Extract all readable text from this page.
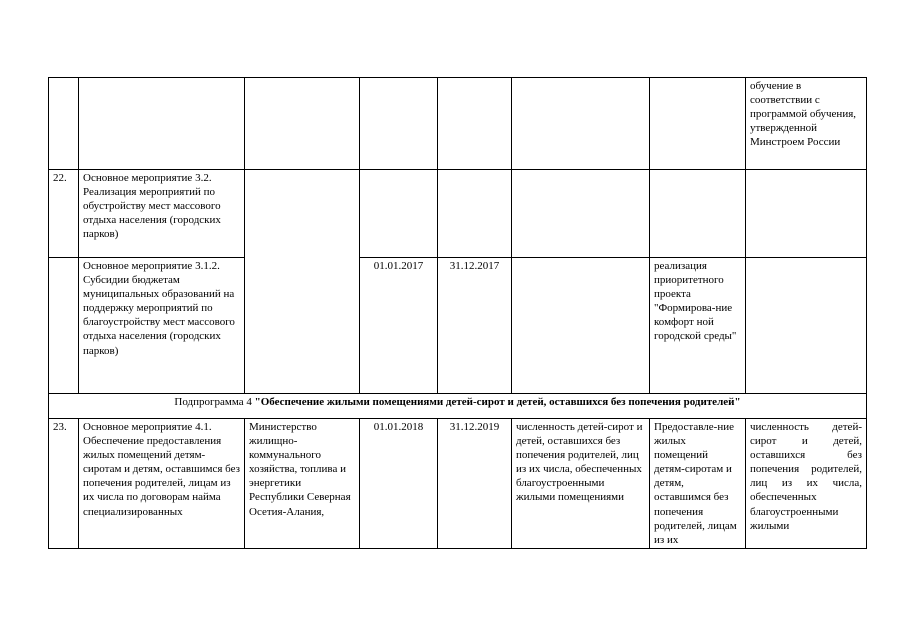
							обучение в соответствии с программой обучения, утвержденной Минстроем России
22.	Основное мероприятие 3.2. Реализация мероприятий по обустройству мест массового отдыха населения (городских парков)						
	Основное мероприятие 3.1.2. Субсидии бюджетам муниципальных образований на поддержку мероприятий по благоустройству мест массового отдыха населения (городских парков)		01.01.2017	31.12.2017		реализация приоритетного проекта "Формирова-ние комфорт ной городской среды"	
Подпрограмма 4 "Обеспечение жилыми помещениями детей-сирот и детей, оставшихся без попечения родителей"							
23.	Основное мероприятие 4.1. Обеспечение предоставления жилых помещений детям-сиротам и детям, оставшимся без попечения родителей, лицам из их числа по договорам найма специализированных	Министерство жилищно-коммунального хозяйства, топлива и энергетики Республики Северная Осетия-Алания,	01.01.2018	31.12.2019	численность детей-сирот и детей, оставшихся без попечения родителей, лиц из их числа, обеспеченных благоустроенными жилыми помещениями	Предоставле-ние жилых помещений детям-сиротам и детям, оставшимся без попечения родителей, лицам из их	численность детей-сирот и детей, оставшихся без попечения родителей, лиц из их числа, обеспеченных благоустроенными жилыми
